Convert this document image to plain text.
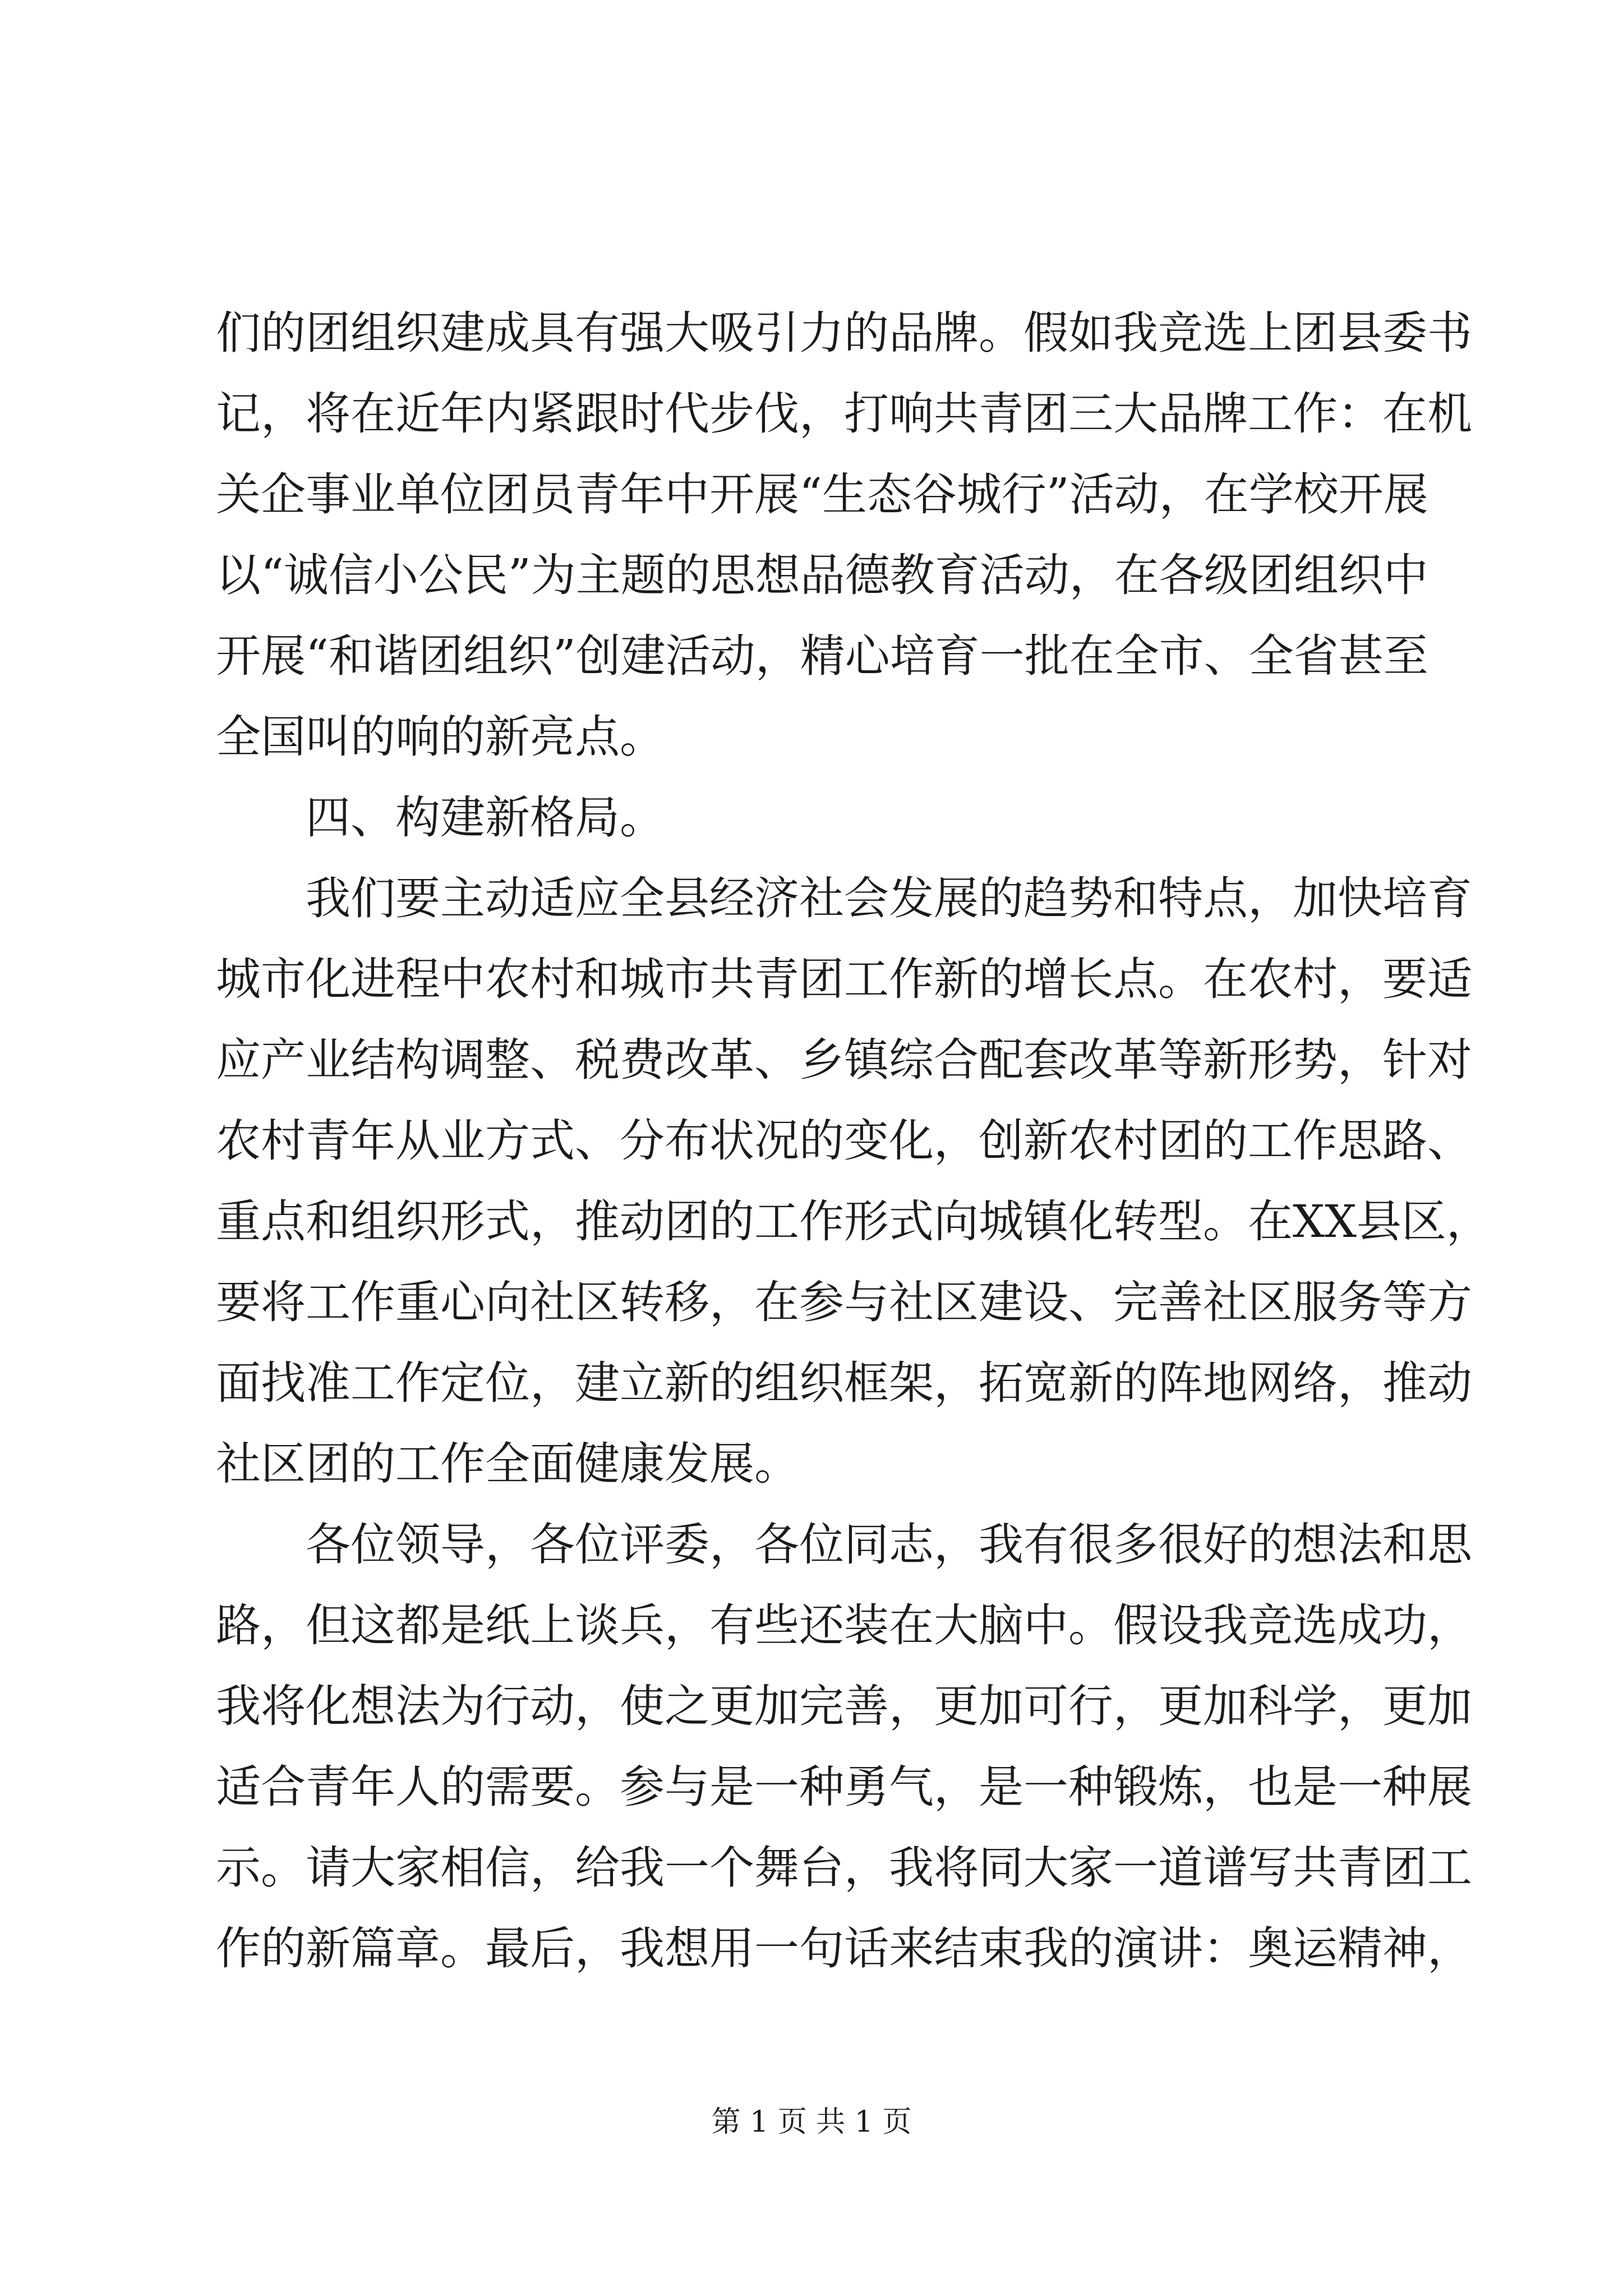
们的团组织建成具有强大吸引力的品牌。假如我竞选上团县委书
记，将在近年内紧跟时代步伐，打响共青团三大品牌工作：在机
关企事业单位团员青年中开展“生态谷城行”活动，在学校开展
以“诚信小公民”为主题的思想品德教育活动，在各级团组织中
开展“和谐团组织”创建活动，精心培育一批在全市、全省甚至
全国叫的响的新亮点。
　　四、构建新格局。
　　我们要主动适应全县经济社会发展的趋势和特点，加快培育
城市化进程中农村和城市共青团工作新的增长点。在农村，要适
应产业结构调整、税费改革、乡镇综合配套改革等新形势，针对
农村青年从业方式、分布状况的变化，创新农村团的工作思路、
重点和组织形式，推动团的工作形式向城镇化转型。在XX县区，
要将工作重心向社区转移，在参与社区建设、完善社区服务等方
面找准工作定位，建立新的组织框架，拓宽新的阵地网络，推动
社区团的工作全面健康发展。
　　各位领导，各位评委，各位同志，我有很多很好的想法和思
路，但这都是纸上谈兵，有些还装在大脑中。假设我竞选成功，
我将化想法为行动，使之更加完善，更加可行，更加科学，更加
适合青年人的需要。参与是一种勇气，是一种锻炼，也是一种展
示。请大家相信，给我一个舞台，我将同大家一道谱写共青团工
作的新篇章。最后，我想用一句话来结束我的演讲：奥运精神，
第 1 页 共 1 页
